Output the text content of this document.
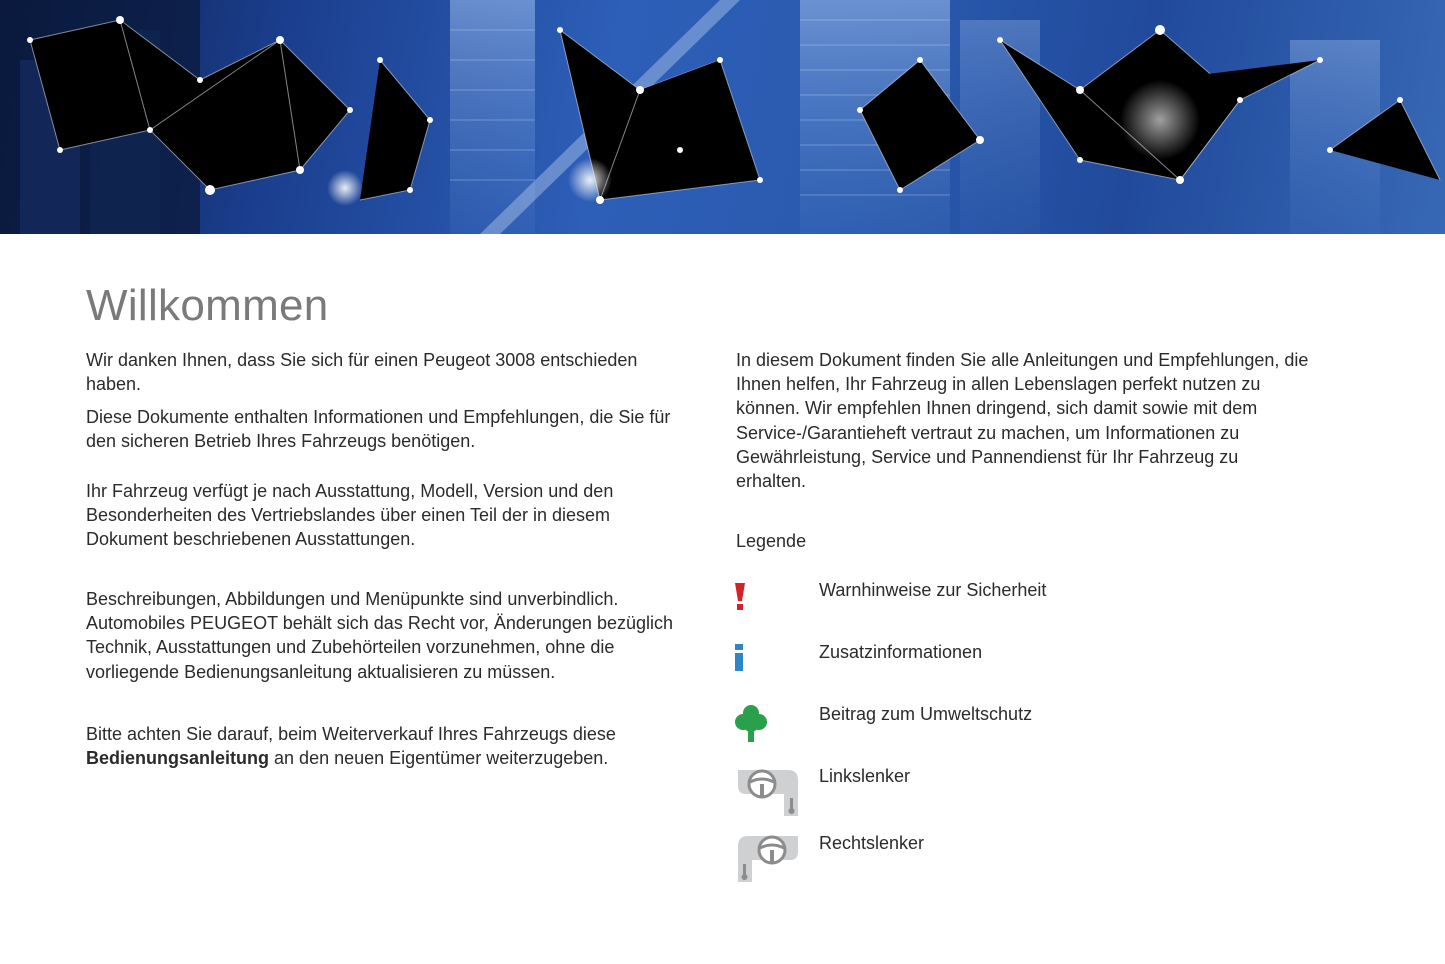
Willkommen

Wir danken Ihnen, dass Sie sich für einen Peugeot 3008 entschieden haben.

Diese Dokumente enthalten Informationen und Empfehlungen, die Sie für den sicheren Betrieb Ihres Fahrzeugs benötigen.

Ihr Fahrzeug verfügt je nach Ausstattung, Modell, Version und den Besonderheiten des Vertriebslandes über einen Teil der in diesem Dokument beschriebenen Ausstattungen.

Beschreibungen, Abbildungen und Menüpunkte sind unverbindlich. Automobiles PEUGEOT behält sich das Recht vor, Änderungen bezüglich Technik, Ausstattungen und Zubehörteilen vorzunehmen, ohne die vorliegende Bedienungsanleitung aktualisieren zu müssen.

Bitte achten Sie darauf, beim Weiterverkauf Ihres Fahrzeugs diese
Bedienungsanleitung an den neuen Eigentümer weiterzugeben.

In diesem Dokument finden Sie alle Anleitungen und Empfehlungen, die Ihnen helfen, Ihr Fahrzeug in allen Lebenslagen perfekt nutzen zu können. Wir empfehlen Ihnen dringend, sich damit sowie mit dem Service-/Garantieheft vertraut zu machen, um Informationen zu Gewährleistung, Service und Pannendienst für Ihr Fahrzeug zu erhalten.

Legende

Warnhinweise zur Sicherheit
Zusatzinformationen
Beitrag zum Umweltschutz
Linkslenker
Rechtslenker
